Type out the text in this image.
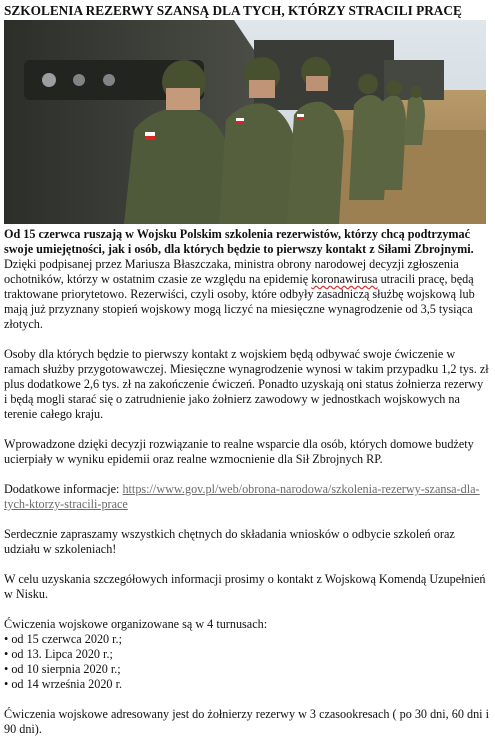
SZKOLENIA REZERWY SZANSĄ DLA TYCH, KTÓRZY STRACILI PRACĘ

Od 15 czerwca ruszają w Wojsku Polskim szkolenia rezerwistów, którzy chcą podtrzymać swoje umiejętności, jak i osób, dla których będzie to pierwszy kontakt z Siłami Zbrojnymi.

Dzięki podpisanej przez Mariusza Błaszczaka, ministra obrony narodowej decyzji zgłoszenia ochotników, którzy w ostatnim czasie ze względu na epidemię koronawirusa utracili pracę, będą traktowane priorytetowo. Rezerwiści, czyli osoby, które odbyły zasadniczą służbę wojskową lub mają już przyznany stopień wojskowy mogą liczyć na miesięczne wynagrodzenie od 3,5 tysiąca złotych.

Osoby dla których będzie to pierwszy kontakt z wojskiem będą odbywać swoje ćwiczenie w ramach służby przygotowawczej. Miesięczne wynagrodzenie wynosi w takim przypadku 1,2 tys. zł plus dodatkowe 2,6 tys. zł na zakończenie ćwiczeń. Ponadto uzyskają oni status żołnierza rezerwy i będą mogli starać się o zatrudnienie jako żołnierz zawodowy w jednostkach wojskowych na terenie całego kraju.

Wprowadzone dzięki decyzji rozwiązanie to realne wsparcie dla osób, których domowe budżety ucierpiały w wyniku epidemii oraz realne wzmocnienie dla Sił Zbrojnych RP.

Dodatkowe informacje: https://www.gov.pl/web/obrona-narodowa/szkolenia-rezerwy-szansa-dla-tych-ktorzy-stracili-prace

Serdecznie zapraszamy wszystkich chętnych do składania wniosków o odbycie szkoleń oraz udziału w szkoleniach!

W celu uzyskania szczegółowych informacji prosimy o kontakt z Wojskową Komendą Uzupełnień w Nisku.

Ćwiczenia wojskowe organizowane są w 4 turnusach:

• od 15 czerwca 2020 r.;
• od 13. Lipca 2020 r.;
• od 10 sierpnia 2020 r.;
• od 14 września 2020 r.

Ćwiczenia wojskowe adresowany jest do żołnierzy rezerwy w 3 czasookresach ( po 30 dni, 60 dni i 90 dni).
